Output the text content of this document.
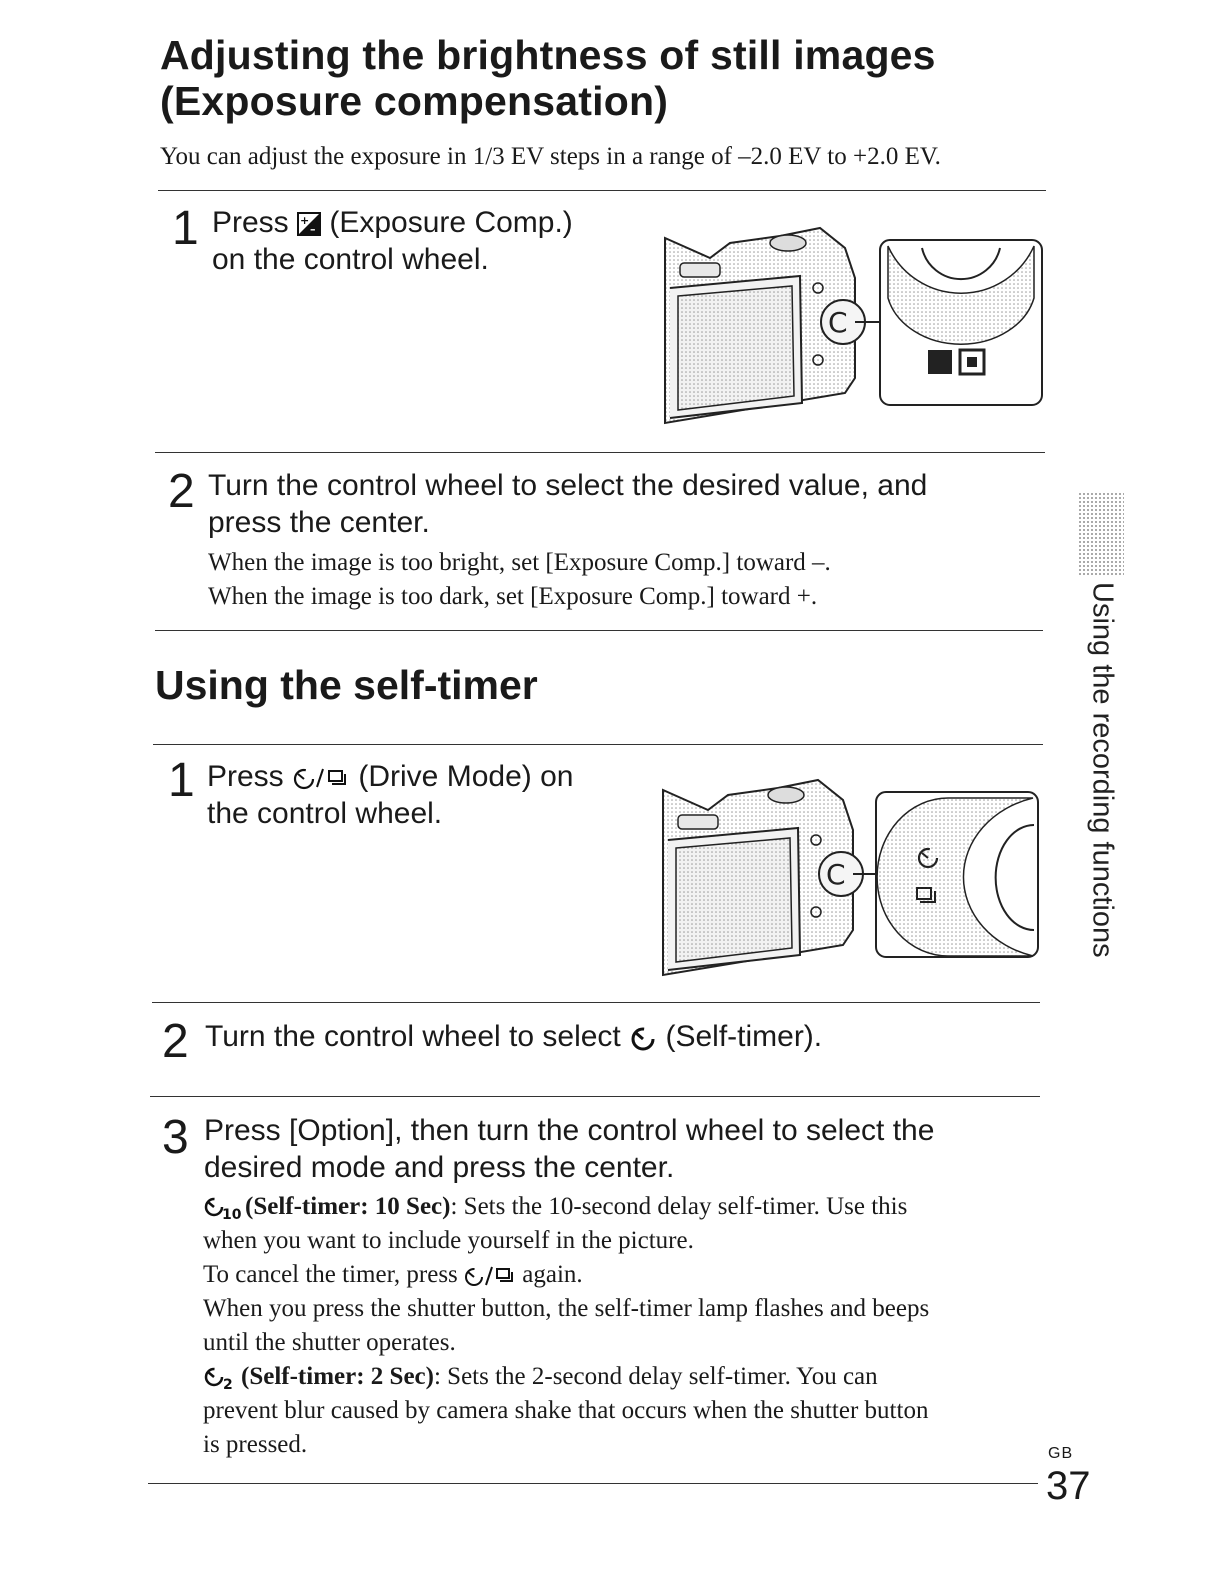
Adjusting the brightness of still images
(Exposure compensation)
You can adjust the exposure in 1/3 EV steps in a range of –2.0 EV to +2.0 EV.
1 Press +
– (Exposure Comp.)
on the control wheel.
C
2 Turn the control wheel to select the desired value, and
press the center.
When the image is too bright, set [Exposure Comp.] toward –.
When the image is too dark, set [Exposure Comp.] toward +.
Using the self-timer
1 Press (Drive Mode) on
the control wheel.
C
2 Turn the control wheel to select (Self-timer).
3 Press [Option], then turn the control wheel to select the
desired mode and press the center.
10 (Self-timer: 10 Sec): Sets the 10-second delay self-timer. Use this
when you want to include yourself in the picture.
To cancel the timer, press	again.
When you press the shutter button, the self-timer lamp flashes and beeps
until the shutter operates.
2 (Self-timer: 2 Sec): Sets the 2-second delay self-timer. You can
prevent blur caused by camera shake that occurs when the shutter button
is pressed.
Using the recording functions
GB
37
